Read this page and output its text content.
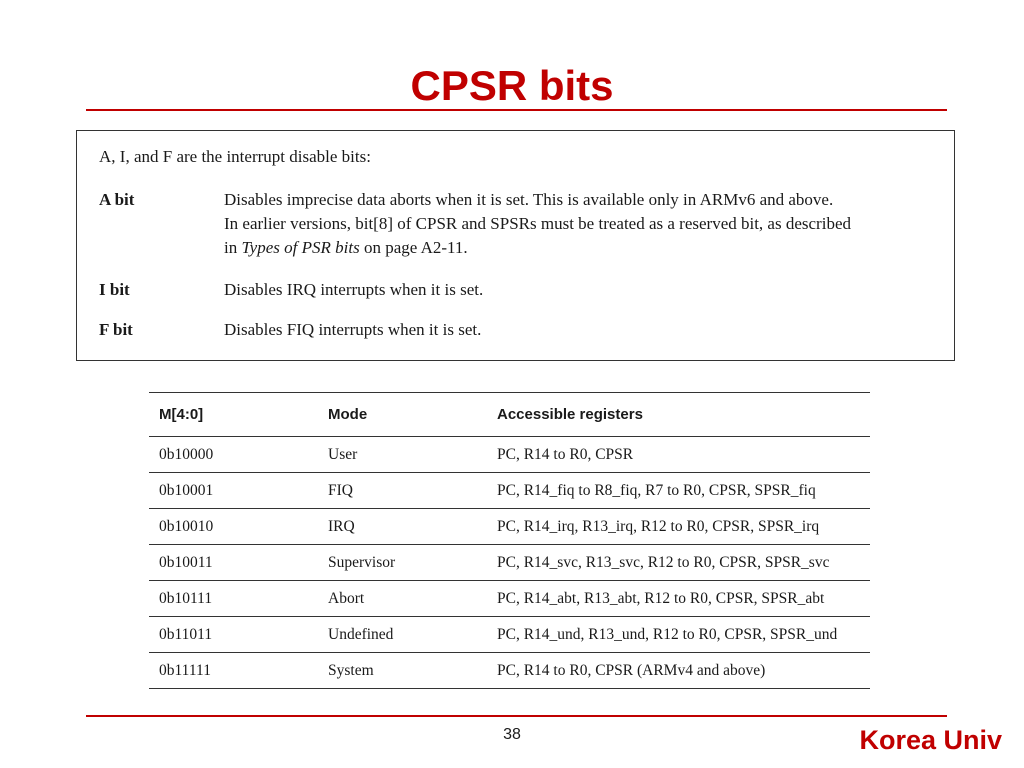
CPSR bits
A, I, and F are the interrupt disable bits:
A bit	Disables imprecise data aborts when it is set. This is available only in ARMv6 and above.

In earlier versions, bit[8] of CPSR and SPSRs must be treated as a reserved bit, as described

in Types of PSR bits on page A2-11.

I bit	Disables IRQ interrupts when it is set.
F bit	Disables FIQ interrupts when it is set.
M[4:0]	Mode	Accessible registers
0b10000	User	PC, R14 to R0, CPSR
0b10001	FIQ	PC, R14_fiq to R8_fiq, R7 to R0, CPSR, SPSR_fiq
0b10010	IRQ	PC, R14_irq, R13_irq, R12 to R0, CPSR, SPSR_irq
0b10011	Supervisor	PC, R14_svc, R13_svc, R12 to R0, CPSR, SPSR_svc
0b10111	Abort	PC, R14_abt, R13_abt, R12 to R0, CPSR, SPSR_abt
0b11011	Undefined	PC, R14_und, R13_und, R12 to R0, CPSR, SPSR_und
0b11111	System	PC, R14 to R0, CPSR (ARMv4 and above)
38	Korea Univ
